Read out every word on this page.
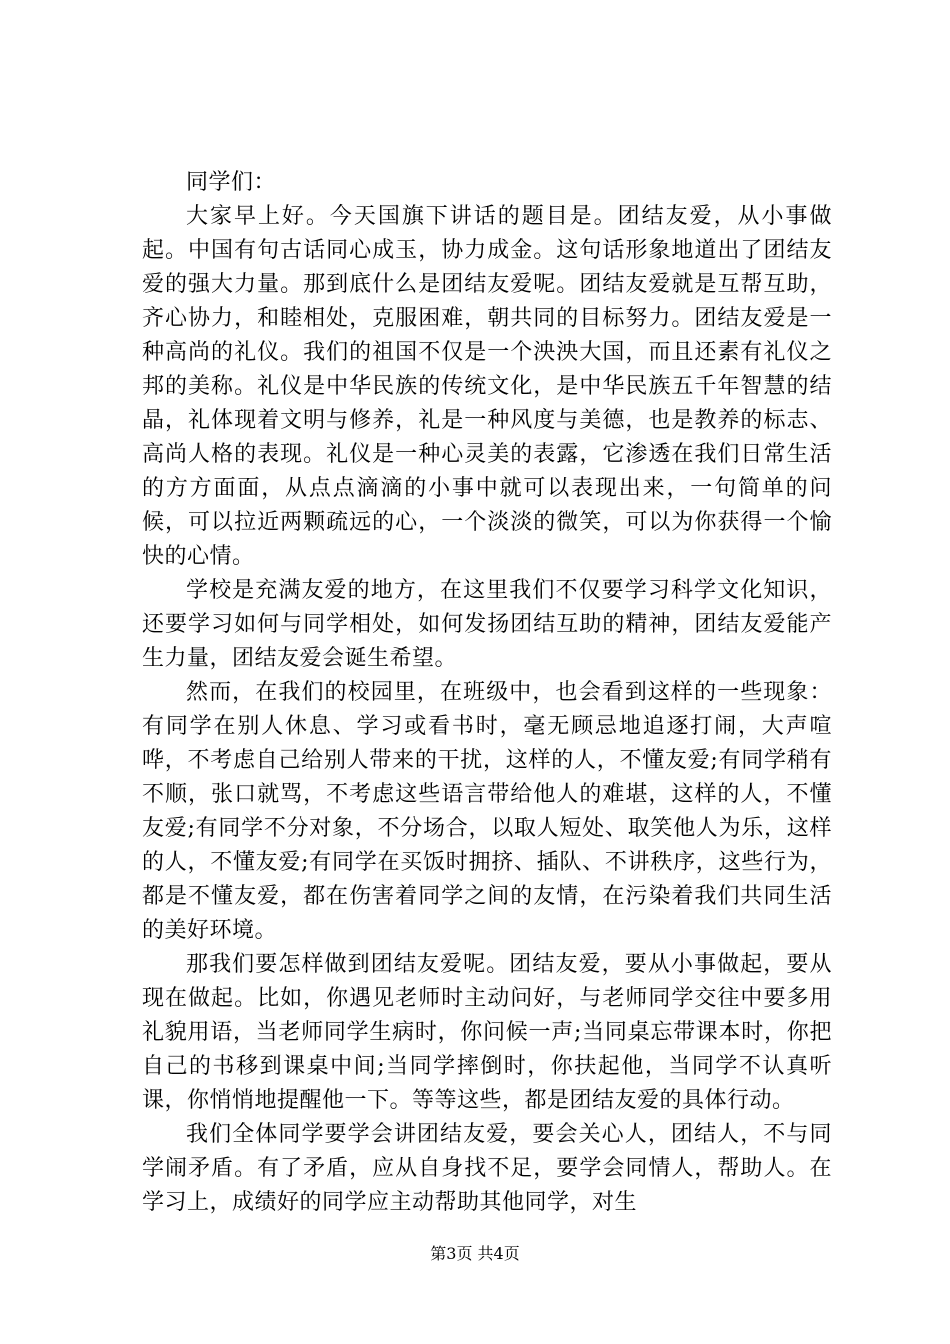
同学们：

大家早上好。今天国旗下讲话的题目是。团结友爱，从小事做起。中国有句古话同心成玉，协力成金。这句话形象地道出了团结友爱的强大力量。那到底什么是团结友爱呢。团结友爱就是互帮互助，齐心协力，和睦相处，克服困难，朝共同的目标努力。团结友爱是一种高尚的礼仪。我们的祖国不仅是一个泱泱大国，而且还素有礼仪之邦的美称。礼仪是中华民族的传统文化，是中华民族五千年智慧的结晶，礼体现着文明与修养，礼是一种风度与美德，也是教养的标志、高尚人格的表现。礼仪是一种心灵美的表露，它渗透在我们日常生活的方方面面，从点点滴滴的小事中就可以表现出来，一句简单的问候，可以拉近两颗疏远的心，一个淡淡的微笑，可以为你获得一个愉快的心情。

学校是充满友爱的地方，在这里我们不仅要学习科学文化知识，还要学习如何与同学相处，如何发扬团结互助的精神，团结友爱能产生力量，团结友爱会诞生希望。

然而，在我们的校园里，在班级中，也会看到这样的一些现象：有同学在别人休息、学习或看书时，毫无顾忌地追逐打闹，大声喧哗，不考虑自己给别人带来的干扰，这样的人，不懂友爱;有同学稍有不顺，张口就骂，不考虑这些语言带给他人的难堪，这样的人，不懂友爱;有同学不分对象，不分场合，以取人短处、取笑他人为乐，这样的人，不懂友爱;有同学在买饭时拥挤、插队、不讲秩序，这些行为，都是不懂友爱，都在伤害着同学之间的友情，在污染着我们共同生活的美好环境。

那我们要怎样做到团结友爱呢。团结友爱，要从小事做起，要从现在做起。比如，你遇见老师时主动问好，与老师同学交往中要多用礼貌用语，当老师同学生病时，你问候一声;当同桌忘带课本时，你把自己的书移到课桌中间;当同学摔倒时，你扶起他，当同学不认真听课，你悄悄地提醒他一下。等等这些，都是团结友爱的具体行动。

我们全体同学要学会讲团结友爱，要会关心人，团结人，不与同学闹矛盾。有了矛盾，应从自身找不足，要学会同情人，帮助人。在学习上，成绩好的同学应主动帮助其他同学，对生

第3页 共4页
